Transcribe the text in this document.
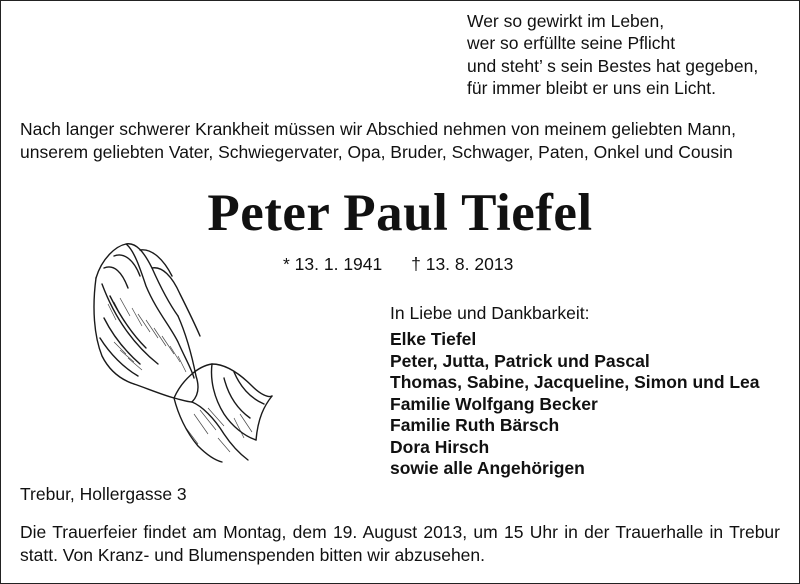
Wer so gewirkt im Leben,
wer so erfüllte seine Pflicht
und steht’ s sein Bestes hat gegeben,
für immer bleibt er uns ein Licht.
Nach langer schwerer Krankheit müssen wir Abschied nehmen von meinem geliebten Mann,
unserem geliebten Vater, Schwiegervater, Opa, Bruder, Schwager, Paten, Onkel und Cousin
Peter Paul Tiefel
* 13. 1. 1941 † 13. 8. 2013
In Liebe und Dankbarkeit:
Elke Tiefel
Peter, Jutta, Patrick und Pascal
Thomas, Sabine, Jacqueline, Simon und Lea
Familie Wolfgang Becker
Familie Ruth Bärsch
Dora Hirsch
sowie alle Angehörigen
Trebur, Hollergasse 3
Die Trauerfeier findet am Montag, dem 19. August 2013, um 15 Uhr in der Trauerhalle in Trebur statt. Von Kranz- und Blumenspenden bitten wir abzusehen.
